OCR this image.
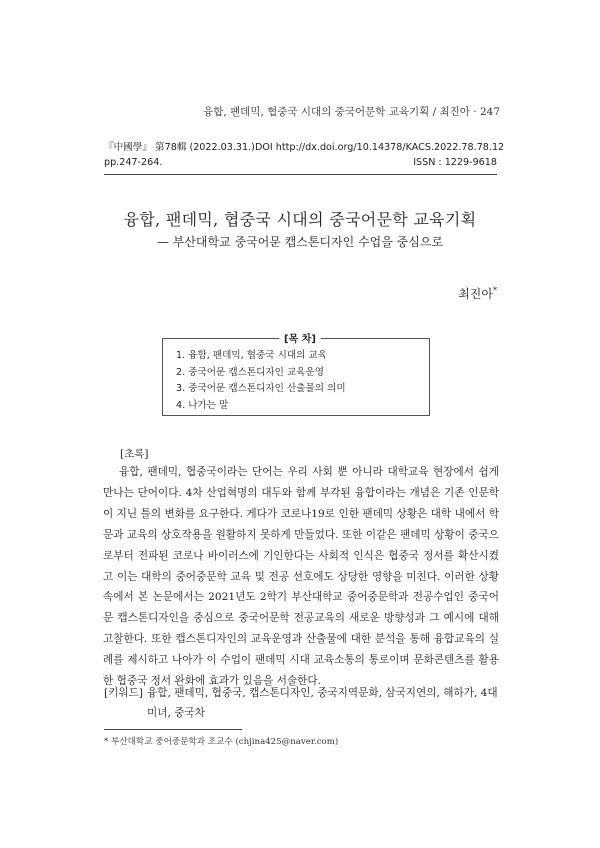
융합, 팬데믹, 협중국 시대의 중국어문학 교육기획 / 최진아 · 247
『中國學』 第78輯 (2022.03.31.) DOI http://dx.doi.org/10.14378/KACS.2022.78.78.12
pp.247-264.	ISSN : 1229-9618
융합, 팬데믹, 협중국 시대의 중국어문학 교육기획
— 부산대학교 중국어문 캡스톤디자인 수업을 중심으로
최진아*
1. 융합, 팬데믹, 협중국 시대의 교육
2. 중국어문 캡스톤디자인 교육운영
3. 중국어문 캡스톤디자인 산출물의 의미
4. 나가는 말
[목 차]
[초록]

융합, 팬데믹, 협중국이라는 단어는 우리 사회 뿐 아니라 대학교육 현장에서 쉽게 만나는 단어이다. 4차 산업혁명의 대두와 함께 부각된 융합이라는 개념은 기존 인문학이 지닌 틀의 변화를 요구한다. 게다가 코로나19로 인한 팬데믹 상황은 대학 내에서 학문과 교육의 상호작용을 원활하지 못하게 만들었다. 또한 이같은 팬데믹 상황이 중국으로부터 전파된 코로나 바이러스에 기인한다는 사회적 인식은 협중국 정서를 확산시켰고 이는 대학의 중어중문학 교육 및 전공 선호에도 상당한 영향을 미친다. 이러한 상황 속에서 본 논문에서는 2021년도 2학기 부산대학교 중어중문학과 전공수업인 중국어문 캡스톤디자인을 중심으로 중국어문학 전공교육의 새로운 방향성과 그 예시에 대해 고찰한다. 또한 캡스톤디자인의 교육운영과 산출물에 대한 분석을 통해 융합교육의 실례를 제시하고 나아가 이 수업이 팬데믹 시대 교육소통의 통로이며 문화콘텐츠를 활용한 협중국 정서 완화에 효과가 있음을 서술한다.

[키워드] 융합, 팬데믹, 협중국, 캡스톤디자인, 중국지역문화, 삼국지연의, 해하가, 4대 미녀, 중국차
* 부산대학교 중어중문학과 조교수 (chjina425@naver.com)
